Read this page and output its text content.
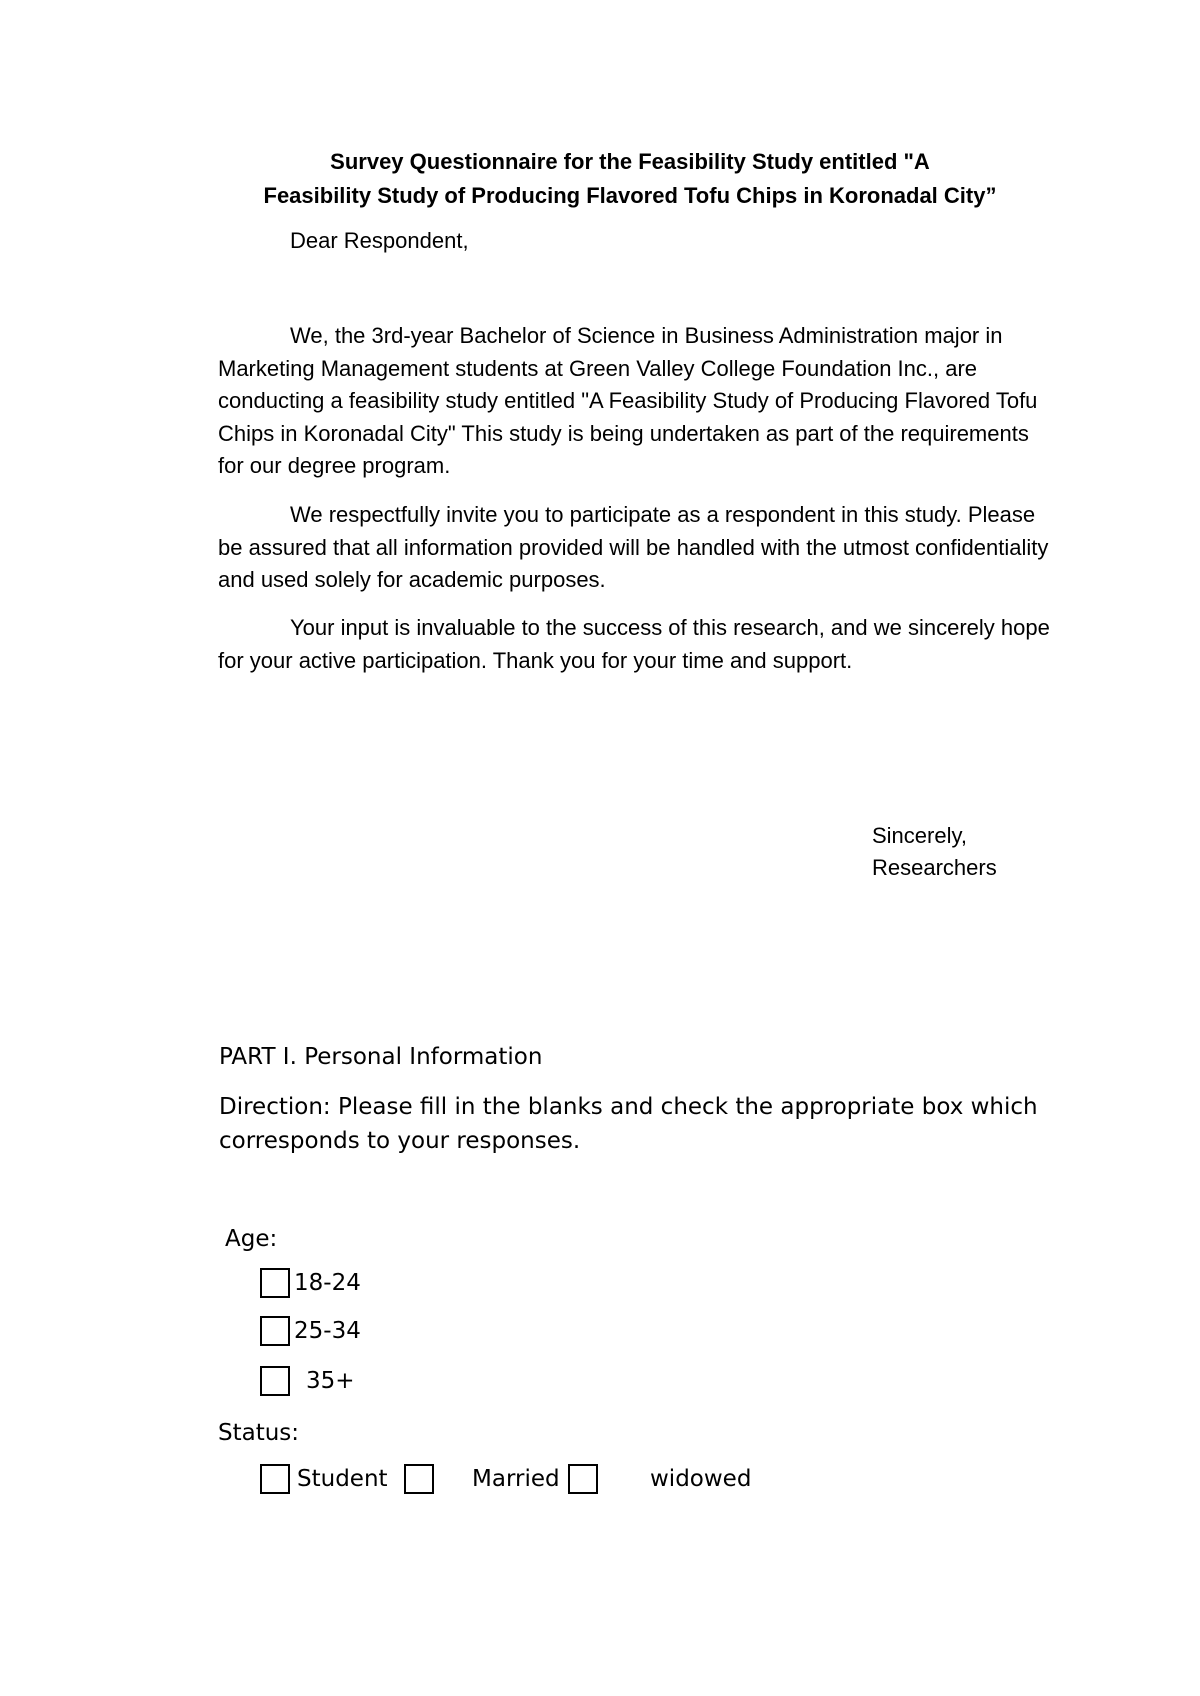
Survey Questionnaire for the Feasibility Study entitled "A
Feasibility Study of Producing Flavored Tofu Chips in Koronadal City”
Dear Respondent,

We, the 3rd-year Bachelor of Science in Business Administration major in Marketing Management students at Green Valley College Foundation Inc., are conducting a feasibility study entitled "A Feasibility Study of Producing Flavored Tofu Chips in Koronadal City" This study is being undertaken as part of the requirements for our degree program.

We respectfully invite you to participate as a respondent in this study. Please be assured that all information provided will be handled with the utmost confidentiality and used solely for academic purposes.

Your input is invaluable to the success of this research, and we sincerely hope for your active participation. Thank you for your time and support.

Sincerely,
Researchers
PART I. Personal Information
Direction: Please fill in the blanks and check the appropriate box which corresponds to your responses.
Age:
18-24
25-34
35+
Status:
Student	Married	widowed
